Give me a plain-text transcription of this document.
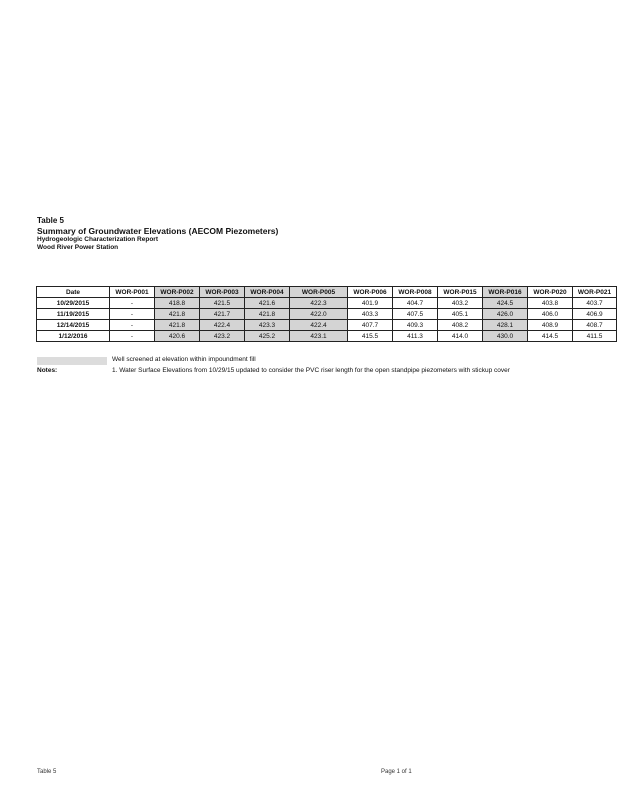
Table 5
Summary of Groundwater Elevations (AECOM Piezometers)
Hydrogeologic Characterization Report
Wood River Power Station
Date	WOR-P001	WOR-P002	WOR-P003	WOR-P004	WOR-P005	WOR-P006	WOR-P008	WOR-P015	WOR-P016	WOR-P020	WOR-P021
10/29/2015	-	418.8	421.5	421.6	422.3	401.9	404.7	403.2	424.5	403.8	403.7
11/19/2015	-	421.8	421.7	421.8	422.0	403.3	407.5	405.1	426.0	406.0	406.9
12/14/2015	-	421.8	422.4	423.3	422.4	407.7	409.3	408.2	428.1	408.9	408.7
1/12/2016	-	420.6	423.2	425.2	423.1	415.5	411.3	414.0	430.0	414.5	411.5
Well screened at elevation within impoundment fill
Notes:	1. Water Surface Elevations from 10/29/15 updated to consider the PVC riser length for the open standpipe piezometers with stickup cover
Table 5	Page 1 of 1
